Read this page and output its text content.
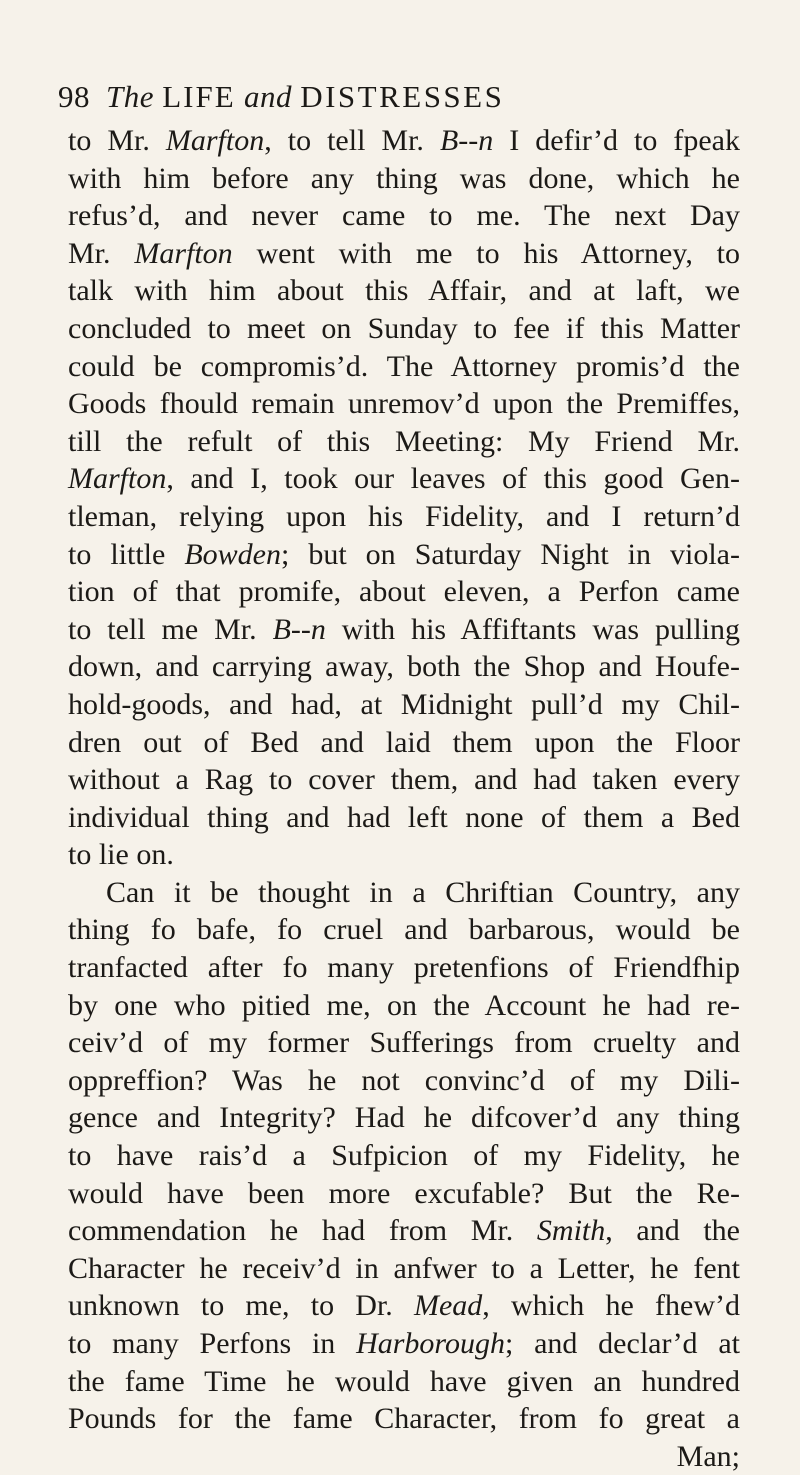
98 The LIFE and DISTRESSES
to Mr. Marfton, to tell Mr. B--n I defir’d to fpeak
with him before any thing was done, which he
refus’d, and never came to me. The next Day
Mr. Marfton went with me to his Attorney, to
talk with him about this Affair, and at laft, we
concluded to meet on Sunday to fee if this Matter
could be compromis’d. The Attorney promis’d the
Goods fhould remain unremov’d upon the Premiffes,
till the refult of this Meeting: My Friend Mr.
Marfton, and I, took our leaves of this good Gen-
tleman, relying upon his Fidelity, and I return’d
to little Bowden; but on Saturday Night in viola-
tion of that promife, about eleven, a Perfon came
to tell me Mr. B--n with his Affiftants was pulling
down, and carrying away, both the Shop and Houfe-
hold-goods, and had, at Midnight pull’d my Chil-
dren out of Bed and laid them upon the Floor
without a Rag to cover them, and had taken every
individual thing and had left none of them a Bed
to lie on.
Can it be thought in a Chriftian Country, any
thing fo bafe, fo cruel and barbarous, would be
tranfacted after fo many pretenfions of Friendfhip
by one who pitied me, on the Account he had re-
ceiv’d of my former Sufferings from cruelty and
oppreffion? Was he not convinc’d of my Dili-
gence and Integrity? Had he difcover’d any thing
to have rais’d a Sufpicion of my Fidelity, he
would have been more excufable? But the Re-
commendation he had from Mr. Smith, and the
Character he receiv’d in anfwer to a Letter, he fent
unknown to me, to Dr. Mead, which he fhew’d
to many Perfons in Harborough; and declar’d at
the fame Time he would have given an hundred
Pounds for the fame Character, from fo great a
Man;
